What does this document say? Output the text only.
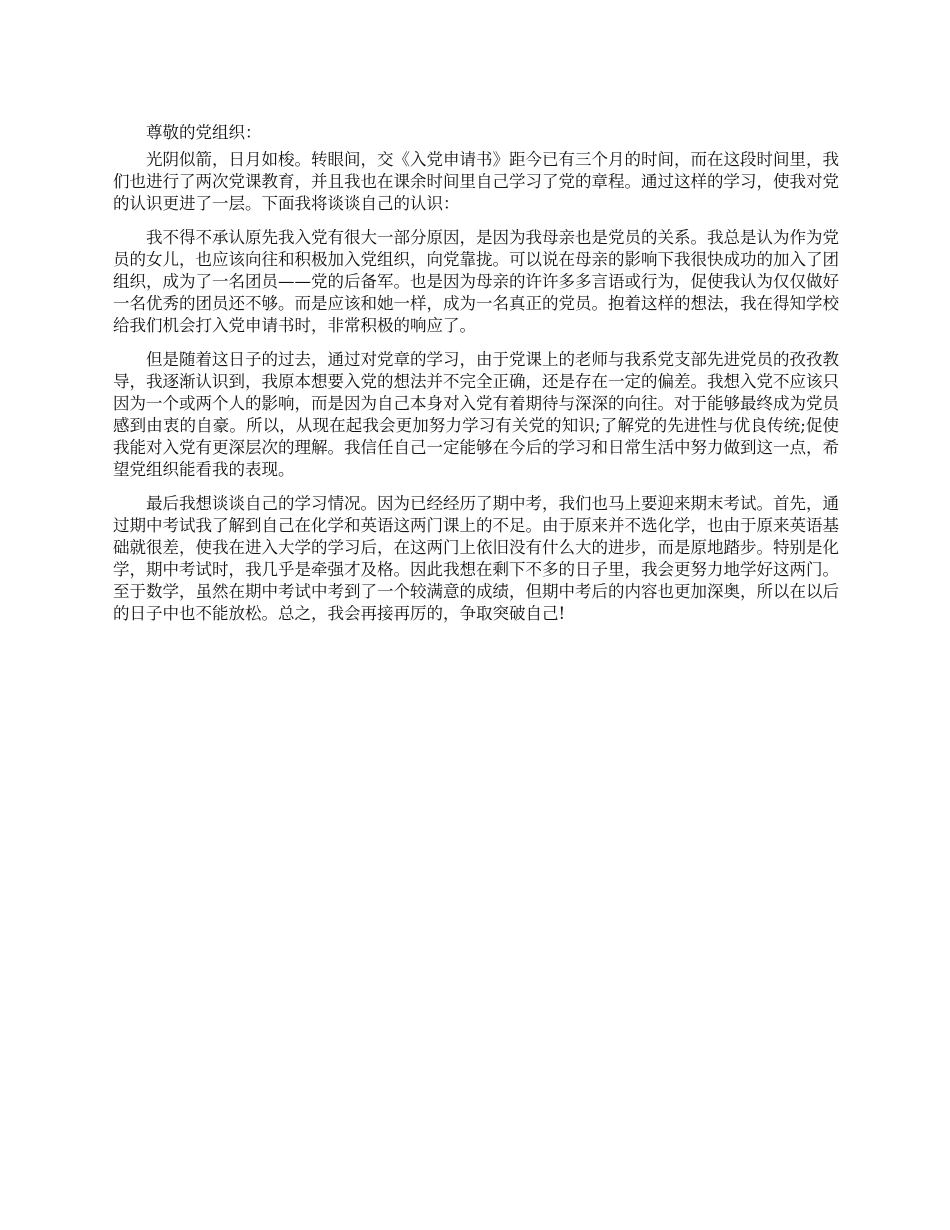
尊敬的党组织：

光阴似箭，日月如梭。转眼间，交《入党申请书》距今已有三个月的时间，而在这段时间里，我们也进行了两次党课教育，并且我也在课余时间里自己学习了党的章程。通过这样的学习，使我对党的认识更进了一层。下面我将谈谈自己的认识：

我不得不承认原先我入党有很大一部分原因，是因为我母亲也是党员的关系。我总是认为作为党员的女儿，也应该向往和积极加入党组织，向党靠拢。可以说在母亲的影响下我很快成功的加入了团组织，成为了一名团员——党的后备军。也是因为母亲的许许多多言语或行为，促使我认为仅仅做好一名优秀的团员还不够。而是应该和她一样，成为一名真正的党员。抱着这样的想法，我在得知学校给我们机会打入党申请书时，非常积极的响应了。

但是随着这日子的过去，通过对党章的学习，由于党课上的老师与我系党支部先进党员的孜孜教导，我逐渐认识到，我原本想要入党的想法并不完全正确，还是存在一定的偏差。我想入党不应该只因为一个或两个人的影响，而是因为自己本身对入党有着期待与深深的向往。对于能够最终成为党员感到由衷的自豪。所以，从现在起我会更加努力学习有关党的知识;了解党的先进性与优良传统;促使我能对入党有更深层次的理解。我信任自己一定能够在今后的学习和日常生活中努力做到这一点，希望党组织能看我的表现。

最后我想谈谈自己的学习情况。因为已经经历了期中考，我们也马上要迎来期末考试。首先，通过期中考试我了解到自己在化学和英语这两门课上的不足。由于原来并不选化学，也由于原来英语基础就很差，使我在进入大学的学习后，在这两门上依旧没有什么大的进步，而是原地踏步。特别是化学，期中考试时，我几乎是牵强才及格。因此我想在剩下不多的日子里，我会更努力地学好这两门。至于数学，虽然在期中考试中考到了一个较满意的成绩，但期中考后的内容也更加深奥，所以在以后的日子中也不能放松。总之，我会再接再厉的，争取突破自己!
